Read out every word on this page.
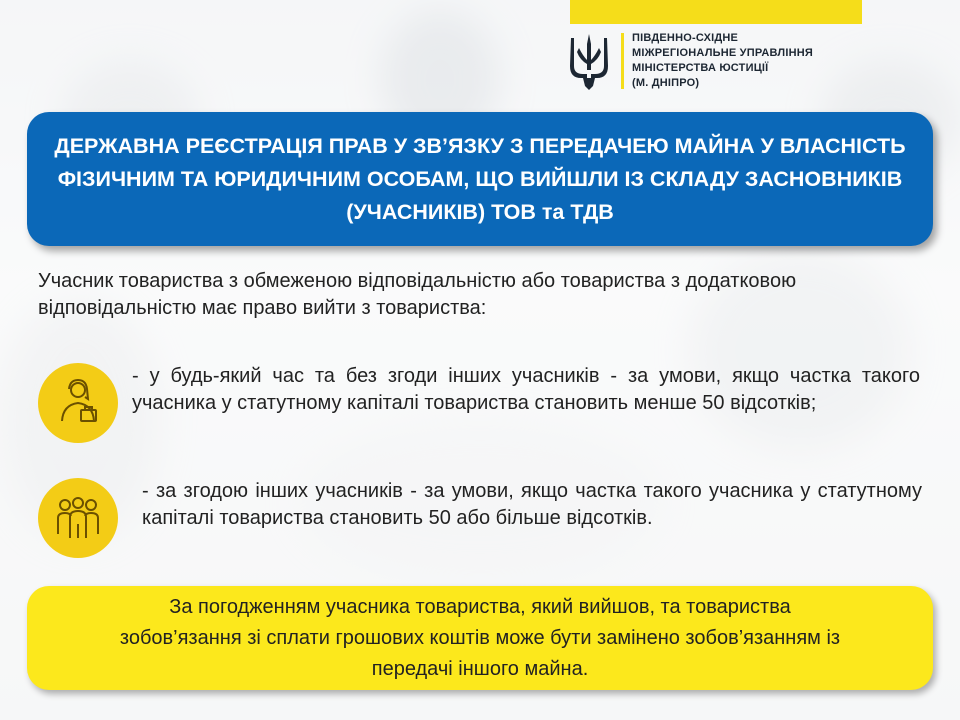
ПІВДЕННО-СХІДНЕ
МІЖРЕГІОНАЛЬНЕ УПРАВЛІННЯ
МІНІСТЕРСТВА ЮСТИЦІЇ
(М. ДНІПРО)
ДЕРЖАВНА РЕЄСТРАЦІЯ ПРАВ У ЗВ’ЯЗКУ З ПЕРЕДАЧЕЮ МАЙНА У ВЛАСНІСТЬ ФІЗИЧНИМ ТА ЮРИДИЧНИМ ОСОБАМ, ЩО ВИЙШЛИ ІЗ СКЛАДУ ЗАСНОВНИКІВ (УЧАСНИКІВ) ТОВ та ТДВ

Учасник товариства з обмеженою відповідальністю або товариства з додатковою відповідальністю має право вийти з товариства:

- у будь-який час та без згоди інших учасників - за умови, якщо частка такого учасника у статутному капіталі товариства становить менше 50 відсотків;

- за згодою інших учасників - за умови, якщо частка такого учасника у статутному капіталі товариства становить 50 або більше відсотків.

За погодженням учасника товариства, який вийшов, та товариства зобов’язання зі сплати грошових коштів може бути замінено зобов’язанням із передачі іншого майна.
